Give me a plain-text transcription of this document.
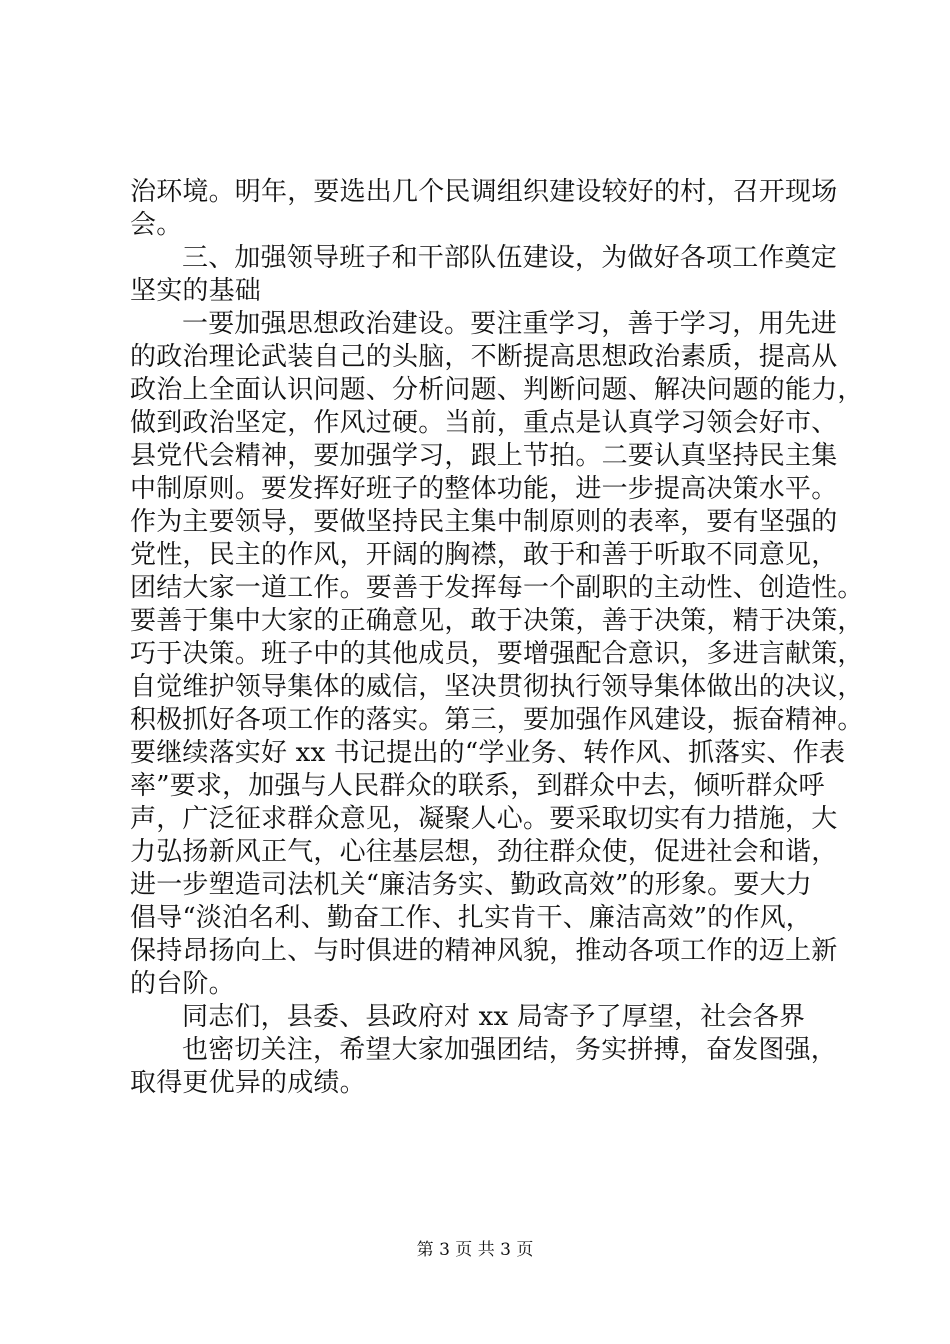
治环境。明年，要选出几个民调组织建设较好的村，召开现场
会。
三、加强领导班子和干部队伍建设，为做好各项工作奠定
坚实的基础
一要加强思想政治建设。要注重学习，善于学习，用先进
的政治理论武装自己的头脑，不断提高思想政治素质，提高从
政治上全面认识问题、分析问题、判断问题、解决问题的能力，
做到政治坚定，作风过硬。当前，重点是认真学习领会好市、
县党代会精神，要加强学习，跟上节拍。二要认真坚持民主集
中制原则。要发挥好班子的整体功能，进一步提高决策水平。
作为主要领导，要做坚持民主集中制原则的表率，要有坚强的
党性，民主的作风，开阔的胸襟，敢于和善于听取不同意见，
团结大家一道工作。要善于发挥每一个副职的主动性、创造性。
要善于集中大家的正确意见，敢于决策，善于决策，精于决策，
巧于决策。班子中的其他成员，要增强配合意识，多进言献策，
自觉维护领导集体的威信，坚决贯彻执行领导集体做出的决议，
积极抓好各项工作的落实。第三，要加强作风建设，振奋精神。
要继续落实好 xx 书记提出的“学业务、转作风、抓落实、作表
率”要求，加强与人民群众的联系，到群众中去，倾听群众呼
声，广泛征求群众意见，凝聚人心。要采取切实有力措施，大
力弘扬新风正气，心往基层想，劲往群众使，促进社会和谐，
进一步塑造司法机关“廉洁务实、勤政高效”的形象。要大力
倡导“淡泊名利、勤奋工作、扎实肯干、廉洁高效”的作风，
保持昂扬向上、与时俱进的精神风貌，推动各项工作的迈上新
的台阶。
同志们，县委、县政府对 xx 局寄予了厚望，社会各界
也密切关注，希望大家加强团结，务实拼搏，奋发图强，
取得更优异的成绩。
第 3 页 共 3 页
